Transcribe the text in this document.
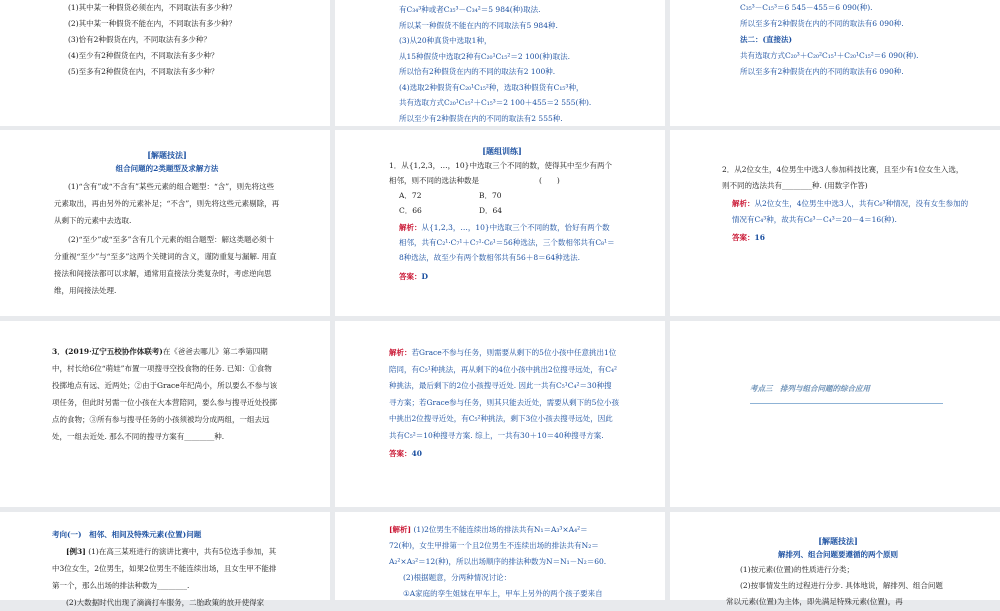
(1)其中某一种假货必须在内，不同取法有多少种？

(2)其中某一种假货不能在内，不同取法有多少种？

(3)恰有2种假货在内，不同取法有多少种？

(4)至少有2种假货在内，不同取法有多少种？

(5)至多有2种假货在内，不同取法有多少种？

有C₃₄³种或者C₃₅³－C₃₄²＝5 984(种)取法.

所以某一种假货不能在内的不同取法有5 984种.

(3)从20种真货中选取1种，

从15种假货中选取2种有C₂₀¹C₁₅²＝2 100(种)取法.

所以恰有2种假货在内的不同的取法有2 100种.

(4)选取2种假货有C₂₀¹C₁₅²种，选取3种假货有C₁₅³种，

共有选取方式C₂₀¹C₁₅²＋C₁₅³＝2 100＋455＝2 555(种).

所以至少有2种假货在内的不同的取法有2 555种.

C₃₅³－C₁₅³＝6 545－455＝6 090(种).

所以至多有2种假货在内的不同的取法有6 090种.

法二：(直接法)

共有选取方式C₂₀³＋C₂₀²C₁₅¹＋C₂₀¹C₁₅²＝6 090(种).

所以至多有2种假货在内的不同的取法有6 090种.

[解题技法]
组合问题的2类题型及求解方法

(1)“含有”或“不含有”某些元素的组合题型：“含”，则先将这些元素取出，再由另外的元素补足；“不含”，则先将这些元素剔除，再从剩下的元素中去选取.

(2)“至少”或“至多”含有几个元素的组合题型：解这类题必须十分重视“至少”与“至多”这两个关键词的含义，谨防重复与漏解. 用直接法和间接法都可以求解，通常用直接法分类复杂时，考虑逆向思维，用间接法处理.

[题组训练]

1．从{1,2,3，…，10}中选取三个不同的数，使得其中至少有两个相邻，则不同的选法种数是　　　　　　　　(　　)

A．72	B．70

C．66	D．64

解析：从{1,2,3，…，10}中选取三个不同的数，恰好有两个数相邻，共有C₂¹·C₇¹＋C₇¹·C₆¹＝56种选法，三个数相邻共有C₈¹＝8种选法，故至少有两个数相邻共有56＋8＝64种选法.

答案：D

2．从2位女生，4位男生中选3人参加科技比赛，且至少有1位女生入选，则不同的选法共有________种. (用数字作答)

解析：从2位女生，4位男生中选3人，共有C₆³种情况，没有女生参加的情况有C₄³种，故共有C₆³－C₄³＝20－4＝16(种).

答案：16

3．(2019·辽宁五校协作体联考)在《爸爸去哪儿》第二季第四期中，村长给6位“萌娃”布置一项搜寻空投食物的任务. 已知：①食物投掷地点有远、近两处；②由于Grace年纪尚小，所以要么不参与该项任务，但此时另需一位小孩在大本营陪同，要么参与搜寻近处投掷点的食物；③所有参与搜寻任务的小孩须被均分成两组，一组去远处，一组去近处. 那么不同的搜寻方案有________种.

解析：若Grace不参与任务，则需要从剩下的5位小孩中任意挑出1位陪同，有C₅¹种挑法，再从剩下的4位小孩中挑出2位搜寻远处，有C₄²种挑法，最后剩下的2位小孩搜寻近处. 因此一共有C₅¹C₄²＝30种搜寻方案；若Grace参与任务，则其只能去近处，需要从剩下的5位小孩中挑出2位搜寻近处，有C₅²种挑法，剩下3位小孩去搜寻远处，因此共有C₅²＝10种搜寻方案. 综上，一共有30＋10＝40种搜寻方案.

答案：40

考点三　排列与组合问题的综合应用

考向(一)　相邻、相间及特殊元素(位置)问题

[例3] (1)在高三某班进行的演讲比赛中，共有5位选手参加，其中3位女生，2位男生，如果2位男生不能连续出场，且女生甲不能排第一个，那么出场的排法种数为________.

(2)大数据时代出现了滴滴打车服务，二胎政策的放开使得家

[解析] (1)2位男生不能连续出场的排法共有N₁＝A₃³×A₄²＝72(种)，女生甲排第一个且2位男生不连续出场的排法共有N₂＝A₂²×A₃²＝12(种)，所以出场顺序的排法种数为N＝N₁－N₂＝60.

(2)根据题意，分两种情况讨论：

①A家庭的孪生姐妹在甲车上，甲车上另外的两个孩子要来自

[解题技法]
解排列、组合问题要遵循的两个原则

(1)按元素(位置)的性质进行分类；

(2)按事情发生的过程进行分步. 具体地说，解排列、组合问题常以元素(位置)为主体，即先满足特殊元素(位置)，再
